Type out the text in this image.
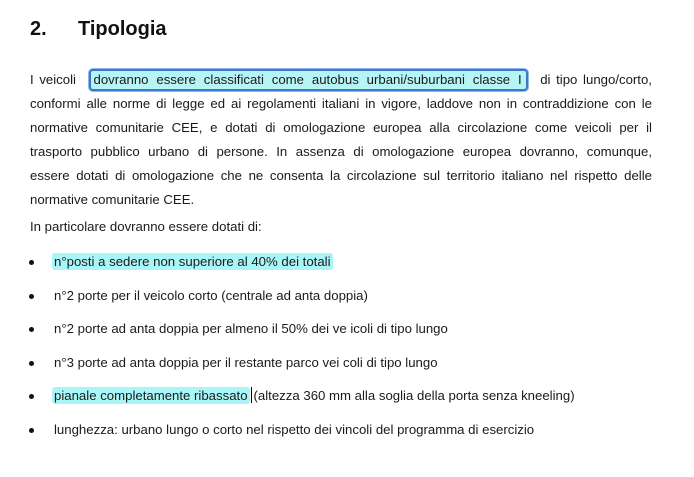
2. Tipologia
I veicoli	dovranno essere classificati come autobus urbani/suburbani classe I	di tipo lungo/corto,
conformi alle norme di legge ed ai regolamenti italiani in vigore, laddove non in contraddizione con le
normative comunitarie CEE, e dotati di omologazione europea alla circolazione come veicoli per il
trasporto pubblico urbano di persone. In assenza di omologazione europea dovranno, comunque,
essere dotati di omologazione che ne consenta la circolazione sul territorio italiano nel rispetto delle
normative comunitarie CEE.
In particolare dovranno essere dotati di:
n°posti a sedere non superiore al 40% dei totali
n°2 porte per il veicolo corto (centrale ad anta doppia)
n°2 porte ad anta doppia per almeno il 50% dei ve icoli di tipo lungo
n°3 porte ad anta doppia per il restante parco vei coli di tipo lungo
pianale completamente ribassato (altezza 360 mm alla soglia della porta senza kneeling)
lunghezza: urbano lungo o corto nel rispetto dei vincoli del programma di esercizio
